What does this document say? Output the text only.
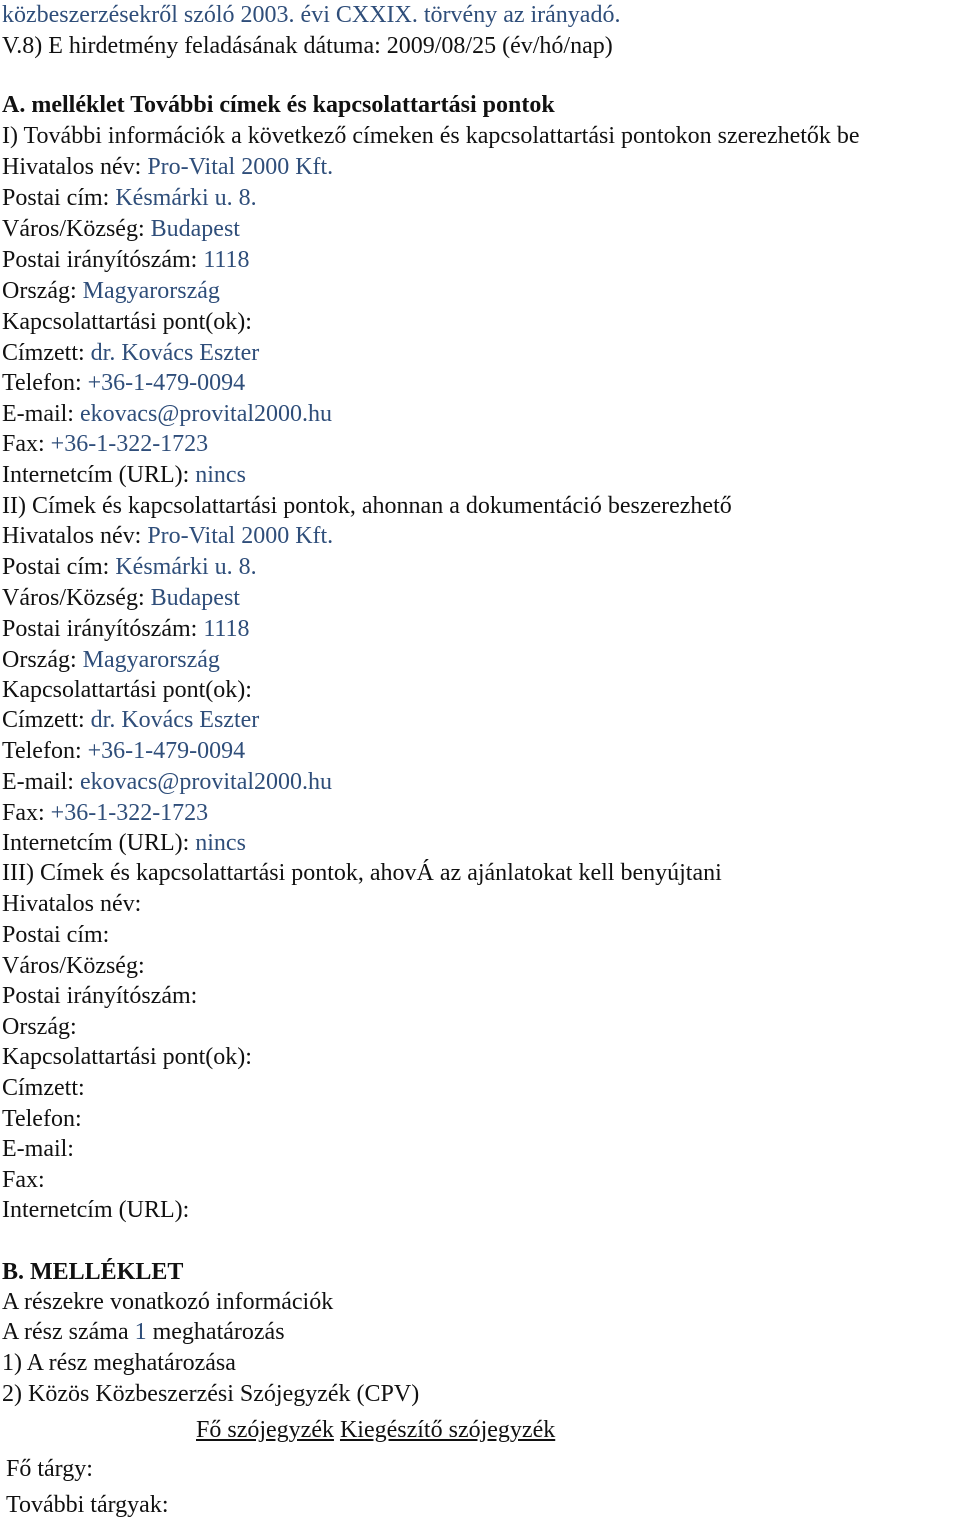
közbeszerzésekről szóló 2003. évi CXXIX. törvény az irányadó.
V.8) E hirdetmény feladásának dátuma: 2009/08/25 (év/hó/nap)
A. melléklet További címek és kapcsolattartási pontok
I) További információk a következő címeken és kapcsolattartási pontokon szerezhetők be
Hivatalos név: Pro-Vital 2000 Kft.
Postai cím: Késmárki u. 8.
Város/Község: Budapest
Postai irányítószám: 1118
Ország: Magyarország
Kapcsolattartási pont(ok):
Címzett: dr. Kovács Eszter
Telefon: +36-1-479-0094
E-mail: ekovacs@provital2000.hu
Fax: +36-1-322-1723
Internetcím (URL): nincs
II) Címek és kapcsolattartási pontok, ahonnan a dokumentáció beszerezhető
Hivatalos név: Pro-Vital 2000 Kft.
Postai cím: Késmárki u. 8.
Város/Község: Budapest
Postai irányítószám: 1118
Ország: Magyarország
Kapcsolattartási pont(ok):
Címzett: dr. Kovács Eszter
Telefon: +36-1-479-0094
E-mail: ekovacs@provital2000.hu
Fax: +36-1-322-1723
Internetcím (URL): nincs
III) Címek és kapcsolattartási pontok, ahovÁ az ajánlatokat kell benyújtani
Hivatalos név:
Postai cím:
Város/Község:
Postai irányítószám:
Ország:
Kapcsolattartási pont(ok):
Címzett:
Telefon:
E-mail:
Fax:
Internetcím (URL):
B. MELLÉKLET
A részekre vonatkozó információk
A rész száma 1 meghatározás
1) A rész meghatározása
2) Közös Közbeszerzési Szójegyzék (CPV)
Fő szójegyzék Kiegészítő szójegyzék
Fő tárgy:
További tárgyak:
